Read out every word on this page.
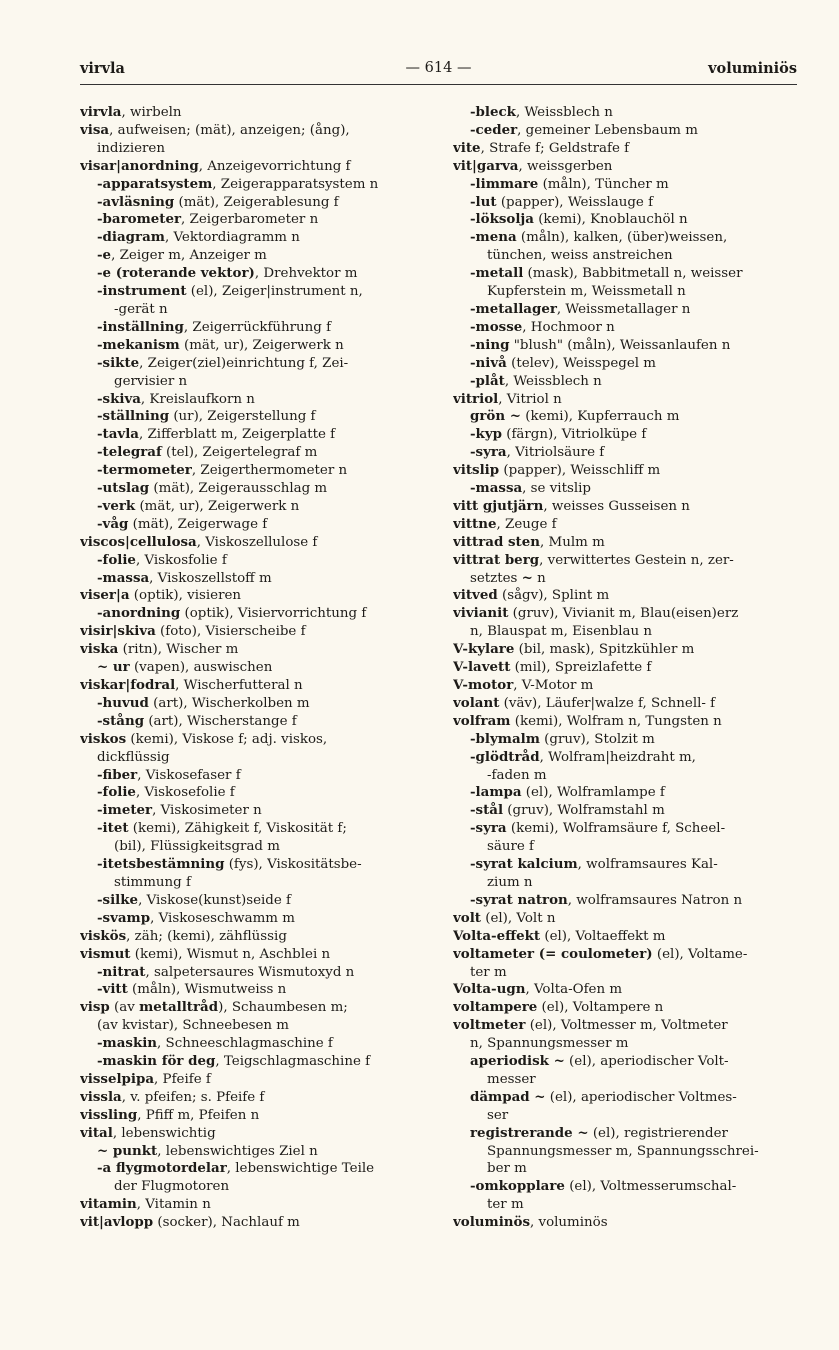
virvla	— 614 —	voluminiös
virvla, wirbeln
visa, aufweisen; (mät), anzeigen; (ång),
indizieren
visar|anordning, Anzeigevorrichtung f
-apparatsystem, Zeigerapparatsystem n
-avläsning (mät), Zeigerablesung f
-barometer, Zeigerbarometer n
-diagram, Vektordiagramm n
-e, Zeiger m, Anzeiger m
-e (roterande vektor), Drehvektor m
-instrument (el), Zeiger|instrument n,
-gerät n
-inställning, Zeigerrückführung f
-mekanism (mät, ur), Zeigerwerk n
-sikte, Zeiger(ziel)einrichtung f, Zei-
gervisier n
-skiva, Kreislaufkorn n
-ställning (ur), Zeigerstellung f
-tavla, Zifferblatt m, Zeigerplatte f
-telegraf (tel), Zeigertelegraf m
-termometer, Zeigerthermometer n
-utslag (mät), Zeigerausschlag m
-verk (mät, ur), Zeigerwerk n
-våg (mät), Zeigerwage f
viscos|cellulosa, Viskoszellulose f
-folie, Viskosfolie f
-massa, Viskoszellstoff m
viser|a (optik), visieren
-anordning (optik), Visiervorrichtung f
visir|skiva (foto), Visierscheibe f
viska (ritn), Wischer m
~ ur (vapen), auswischen
viskar|fodral, Wischerfutteral n
-huvud (art), Wischerkolben m
-stång (art), Wischerstange f
viskos (kemi), Viskose f; adj. viskos,
dickflüssig
-fiber, Viskosefaser f
-folie, Viskosefolie f
-imeter, Viskosimeter n
-itet (kemi), Zähigkeit f, Viskosität f;
(bil), Flüssigkeitsgrad m
-itetsbestämning (fys), Viskositätsbe-
stimmung f
-silke, Viskose(kunst)seide f
-svamp, Viskoseschwamm m
viskös, zäh; (kemi), zähflüssig
vismut (kemi), Wismut n, Aschblei n
-nitrat, salpetersaures Wismutoxyd n
-vitt (måln), Wismutweiss n
visp (av metalltråd), Schaumbesen m;
(av kvistar), Schneebesen m
-maskin, Schneeschlagmaschine f
-maskin för deg, Teigschlagmaschine f
visselpipa, Pfeife f
vissla, v. pfeifen; s. Pfeife f
vissling, Pfiff m, Pfeifen n
vital, lebenswichtig
~ punkt, lebenswichtiges Ziel n
-a flygmotordelar, lebenswichtige Teile
der Flugmotoren
vitamin, Vitamin n
vit|avlopp (socker), Nachlauf m
-bleck, Weissblech n
-ceder, gemeiner Lebensbaum m
vite, Strafe f; Geldstrafe f
vit|garva, weissgerben
-limmare (måln), Tüncher m
-lut (papper), Weisslauge f
-löksolja (kemi), Knoblauchöl n
-mena (måln), kalken, (über)weissen,
tünchen, weiss anstreichen
-metall (mask), Babbitmetall n, weisser
Kupferstein m, Weissmetall n
-metallager, Weissmetallager n
-mosse, Hochmoor n
-ning "blush" (måln), Weissanlaufen n
-nivå (telev), Weisspegel m
-plåt, Weissblech n
vitriol, Vitriol n
grön ~ (kemi), Kupferrauch m
-kyp (färgn), Vitriolküpe f
-syra, Vitriolsäure f
vitslip (papper), Weisschliff m
-massa, se vitslip
vitt gjutjärn, weisses Gusseisen n
vittne, Zeuge f
vittrad sten, Mulm m
vittrat berg, verwittertes Gestein n, zer-
setztes ~ n
vitved (sågv), Splint m
vivianit (gruv), Vivianit m, Blau(eisen)erz
n, Blauspat m, Eisenblau n
V-kylare (bil, mask), Spitzkühler m
V-lavett (mil), Spreizlafette f
V-motor, V-Motor m
volant (väv), Läufer|walze f, Schnell- f
volfram (kemi), Wolfram n, Tungsten n
-blymalm (gruv), Stolzit m
-glödtråd, Wolfram|heizdraht m,
-faden m
-lampa (el), Wolframlampe f
-stål (gruv), Wolframstahl m
-syra (kemi), Wolframsäure f, Scheel-
säure f
-syrat kalcium, wolframsaures Kal-
zium n
-syrat natron, wolframsaures Natron n
volt (el), Volt n
Volta-effekt (el), Voltaeffekt m
voltameter (= coulometer) (el), Voltame-
ter m
Volta-ugn, Volta-Ofen m
voltampere (el), Voltampere n
voltmeter (el), Voltmesser m, Voltmeter
n, Spannungsmesser m
aperiodisk ~ (el), aperiodischer Volt-
messer
dämpad ~ (el), aperiodischer Voltmes-
ser
registrerande ~ (el), registrierender
Spannungsmesser m, Spannungsschrei-
ber m
-omkopplare (el), Voltmesserumschal-
ter m
voluminös, voluminös
